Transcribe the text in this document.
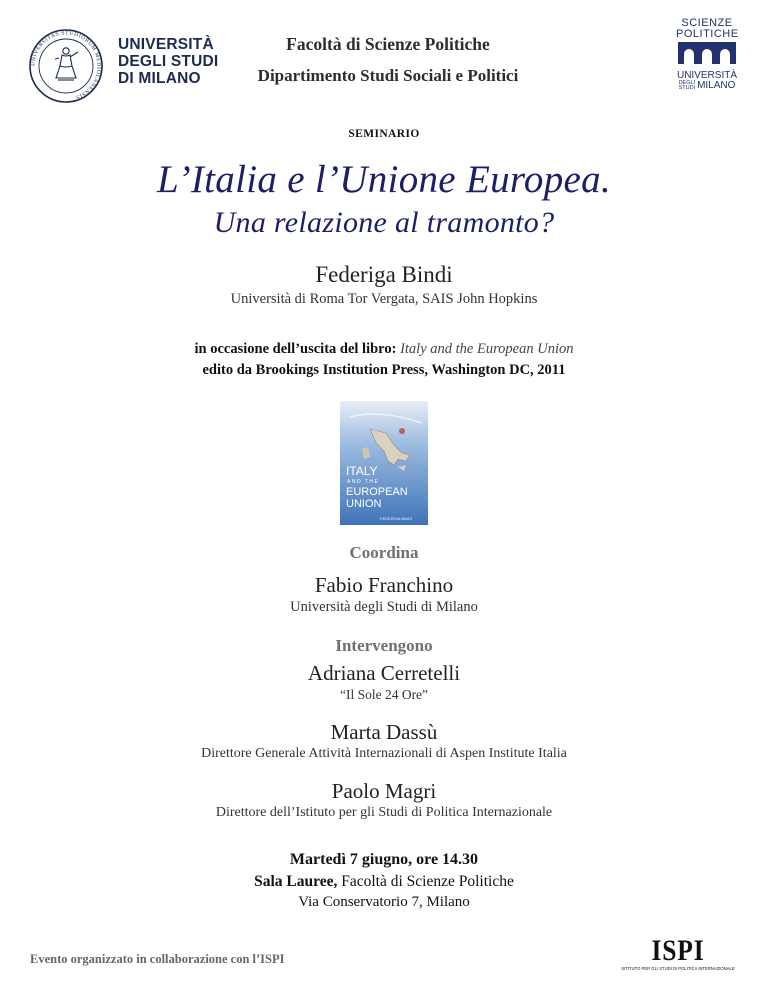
UNIVERSITAS STUDIORUM MEDIOLANENSIS
UNIVERSITÀ
DEGLI STUDI
DI MILANO
Facoltà di Scienze Politiche
Dipartimento Studi Sociali e Politici
SCIENZE
POLITICHE
UNIVERSITÀ
DEGLI
STUDI MILANO
SEMINARIO
L’Italia e l’Unione Europea.
Una relazione al tramonto?
Federiga Bindi
Università di Roma Tor Vergata, SAIS John Hopkins
in occasione dell’uscita del libro: Italy and the European Union
edito da Brookings Institution Press, Washington DC, 2011
ITALY
AND THE
EUROPEAN
UNION
FEDERIGA BINDI
Coordina
Fabio Franchino
Università degli Studi di Milano
Intervengono
Adriana Cerretelli
“Il Sole 24 Ore”
Marta Dassù
Direttore Generale Attività Internazionali di Aspen Institute Italia
Paolo Magri
Direttore dell’Istituto per gli Studi di Politica Internazionale
Martedì 7 giugno, ore 14.30
Sala Lauree, Facoltà di Scienze Politiche
Via Conservatorio 7, Milano
Evento organizzato in collaborazione con l’ISPI	ISPI
ISTITUTO PER GLI STUDI DI POLITICA INTERNAZIONALE
